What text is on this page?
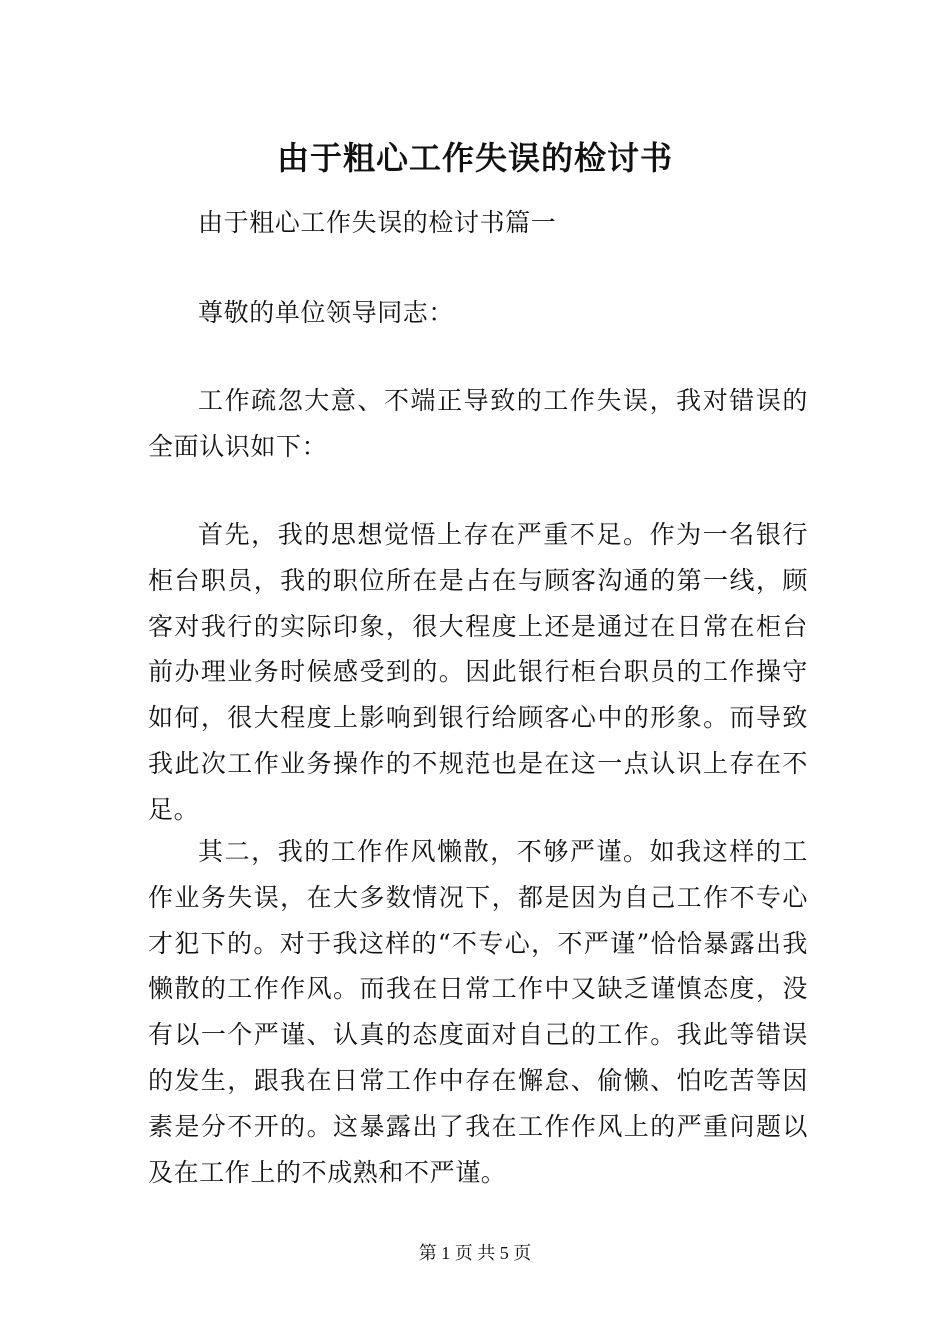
由于粗心工作失误的检讨书

由于粗心工作失误的检讨书篇一

尊敬的单位领导同志：

工作疏忽大意、不端正导致的工作失误，我对错误的全面认识如下：

首先，我的思想觉悟上存在严重不足。作为一名银行柜台职员，我的职位所在是占在与顾客沟通的第一线，顾客对我行的实际印象，很大程度上还是通过在日常在柜台前办理业务时候感受到的。因此银行柜台职员的工作操守如何，很大程度上影响到银行给顾客心中的形象。而导致我此次工作业务操作的不规范也是在这一点认识上存在不足。

其二，我的工作作风懒散，不够严谨。如我这样的工作业务失误，在大多数情况下，都是因为自己工作不专心才犯下的。对于我这样的“不专心，不严谨”恰恰暴露出我懒散的工作作风。而我在日常工作中又缺乏谨慎态度，没有以一个严谨、认真的态度面对自己的工作。我此等错误的发生，跟我在日常工作中存在懈怠、偷懒、怕吃苦等因素是分不开的。这暴露出了我在工作作风上的严重问题以及在工作上的不成熟和不严谨。

第 1 页 共 5 页
